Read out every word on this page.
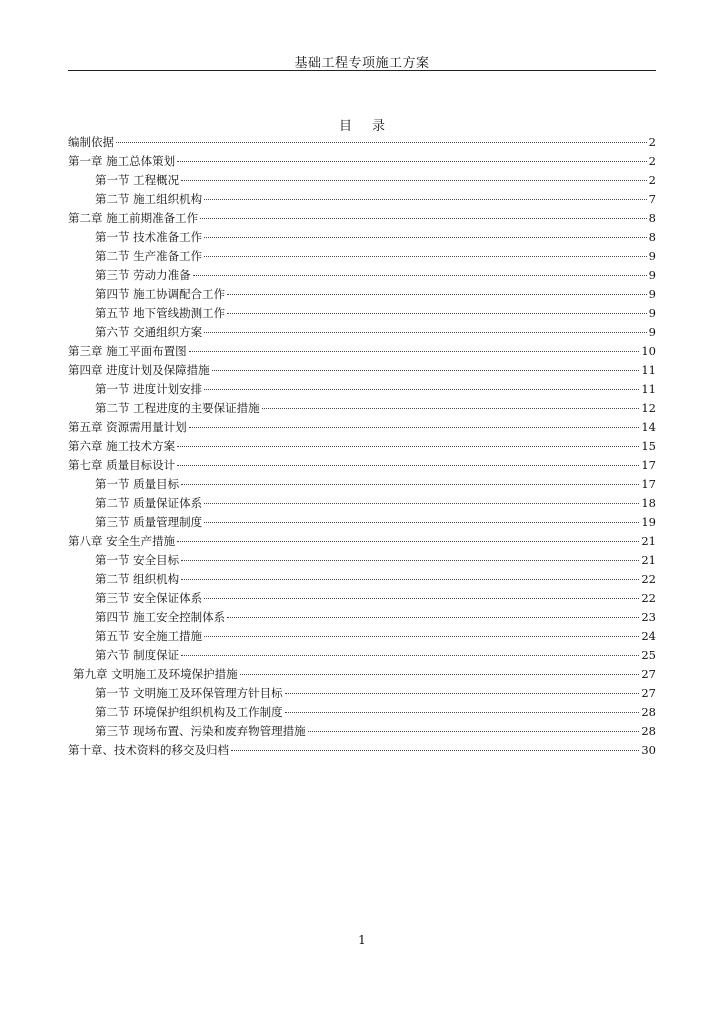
基础工程专项施工方案
目 录
编制依据	2
第一章 施工总体策划	2
第一节 工程概况	2
第二节 施工组织机构	7
第二章 施工前期准备工作	8
第一节 技术准备工作	8
第二节 生产准备工作	9
第三节 劳动力准备	9
第四节 施工协调配合工作	9
第五节 地下管线勘测工作	9
第六节 交通组织方案	9
第三章 施工平面布置图	10
第四章 进度计划及保障措施	11
第一节 进度计划安排	11
第二节 工程进度的主要保证措施	12
第五章 资源需用量计划	14
第六章 施工技术方案	15
第七章 质量目标设计	17
第一节 质量目标	17
第二节 质量保证体系	18
第三节 质量管理制度	19
第八章 安全生产措施	21
第一节 安全目标	21
第二节 组织机构	22
第三节 安全保证体系	22
第四节 施工安全控制体系	23
第五节 安全施工措施	24
第六节 制度保证	25
第九章 文明施工及环境保护措施	27
第一节 文明施工及环保管理方针目标	27
第二节 环境保护组织机构及工作制度	28
第三节 现场布置、污染和废弃物管理措施	28
第十章、技术资料的移交及归档	30
1
